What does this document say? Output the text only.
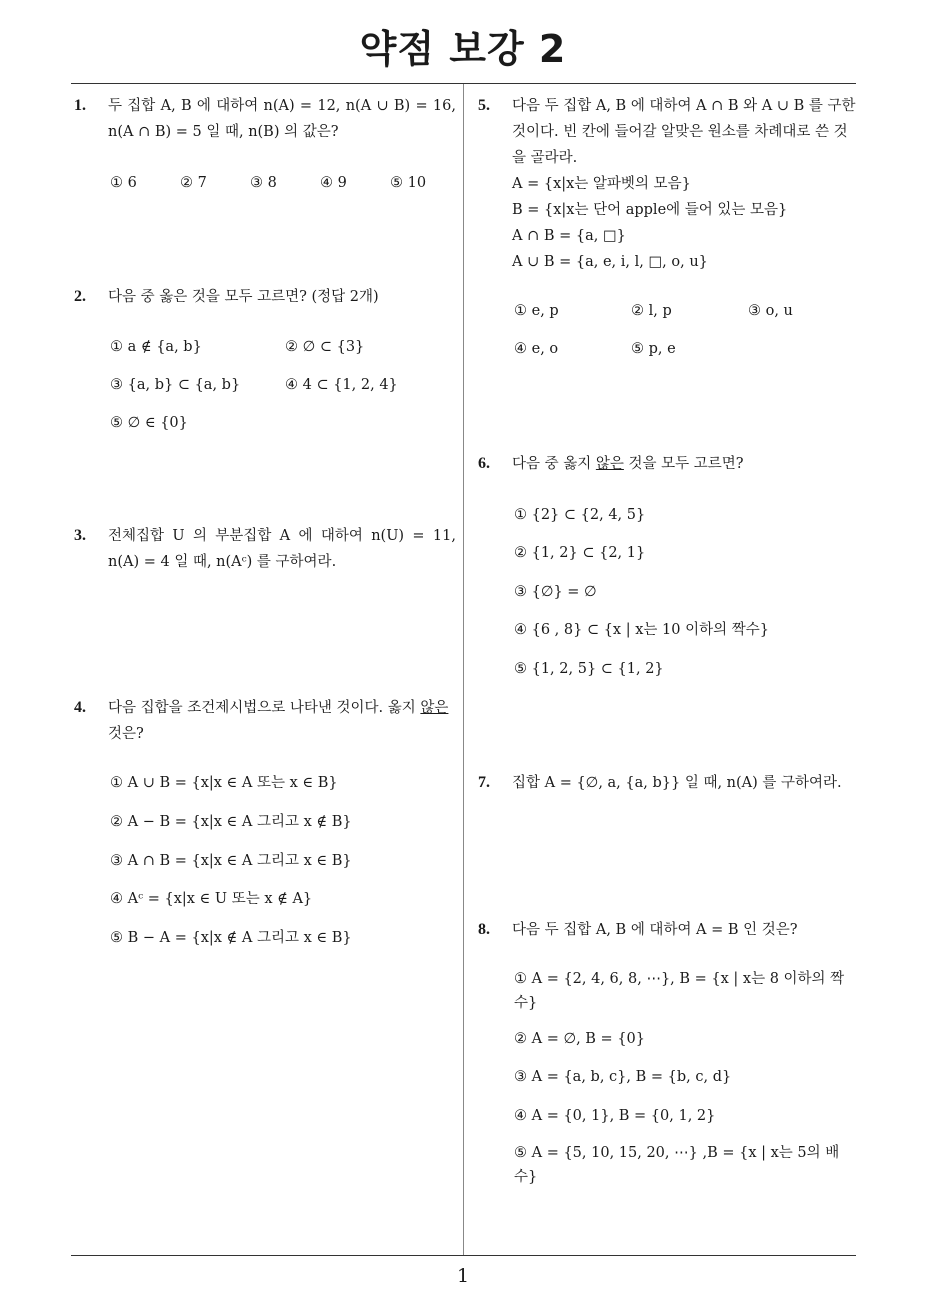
약점 보강 2
1
1. 두 집합 A, B 에 대하여 n(A) = 12, n(A ∪ B) = 16, n(A ∩ B) = 5 일 때, n(B) 의 값은?
① 6	② 7	③ 8	④ 9	⑤ 10
2. 다음 중 옳은 것을 모두 고르면? (정답 2개)
① a ∉ {a, b}	② ∅ ⊂ {3}
③ {a, b} ⊂ {a, b}	④ 4 ⊂ {1, 2, 4}
⑤ ∅ ∈ {0}
3. 전체집합 U 의 부분집합 A 에 대하여 n(U) = 11, n(A) = 4 일 때, n(Aᶜ) 를 구하여라.
4. 다음 집합을 조건제시법으로 나타낸 것이다. 옳지 않은 것은?
① A ∪ B = {x|x ∈ A 또는 x ∈ B}
② A − B = {x|x ∈ A 그리고 x ∉ B}
③ A ∩ B = {x|x ∈ A 그리고 x ∈ B}
④ Aᶜ = {x|x ∈ U 또는 x ∉ A}
⑤ B − A = {x|x ∉ A 그리고 x ∈ B}
5. 다음 두 집합 A, B 에 대하여 A ∩ B 와 A ∪ B 를 구한 것이다. 빈 칸에 들어갈 알맞은 원소를 차례대로 쓴 것을 골라라.
A = {x|x는 알파벳의 모음}
B = {x|x는 단어 apple에 들어 있는 모음}
A ∩ B = {a, □}
A ∪ B = {a, e, i, l, □, o, u}
① e, p	② l, p	③ o, u
④ e, o	⑤ p, e
6. 다음 중 옳지 않은 것을 모두 고르면?
① {2} ⊂ {2, 4, 5}
② {1, 2} ⊂ {2, 1}
③ {∅} = ∅
④ {6 , 8} ⊂ {x | x는 10 이하의 짝수}
⑤ {1, 2, 5} ⊂ {1, 2}
7. 집합 A = {∅, a, {a, b}} 일 때, n(A) 를 구하여라.
8. 다음 두 집합 A, B 에 대하여 A = B 인 것은?
① A = {2, 4, 6, 8, ⋯}, B = {x | x는 8 이하의 짝수}
② A = ∅, B = {0}
③ A = {a, b, c}, B = {b, c, d}
④ A = {0, 1}, B = {0, 1, 2}
⑤ A = {5, 10, 15, 20, ⋯} ,B = {x | x는 5의 배수}
